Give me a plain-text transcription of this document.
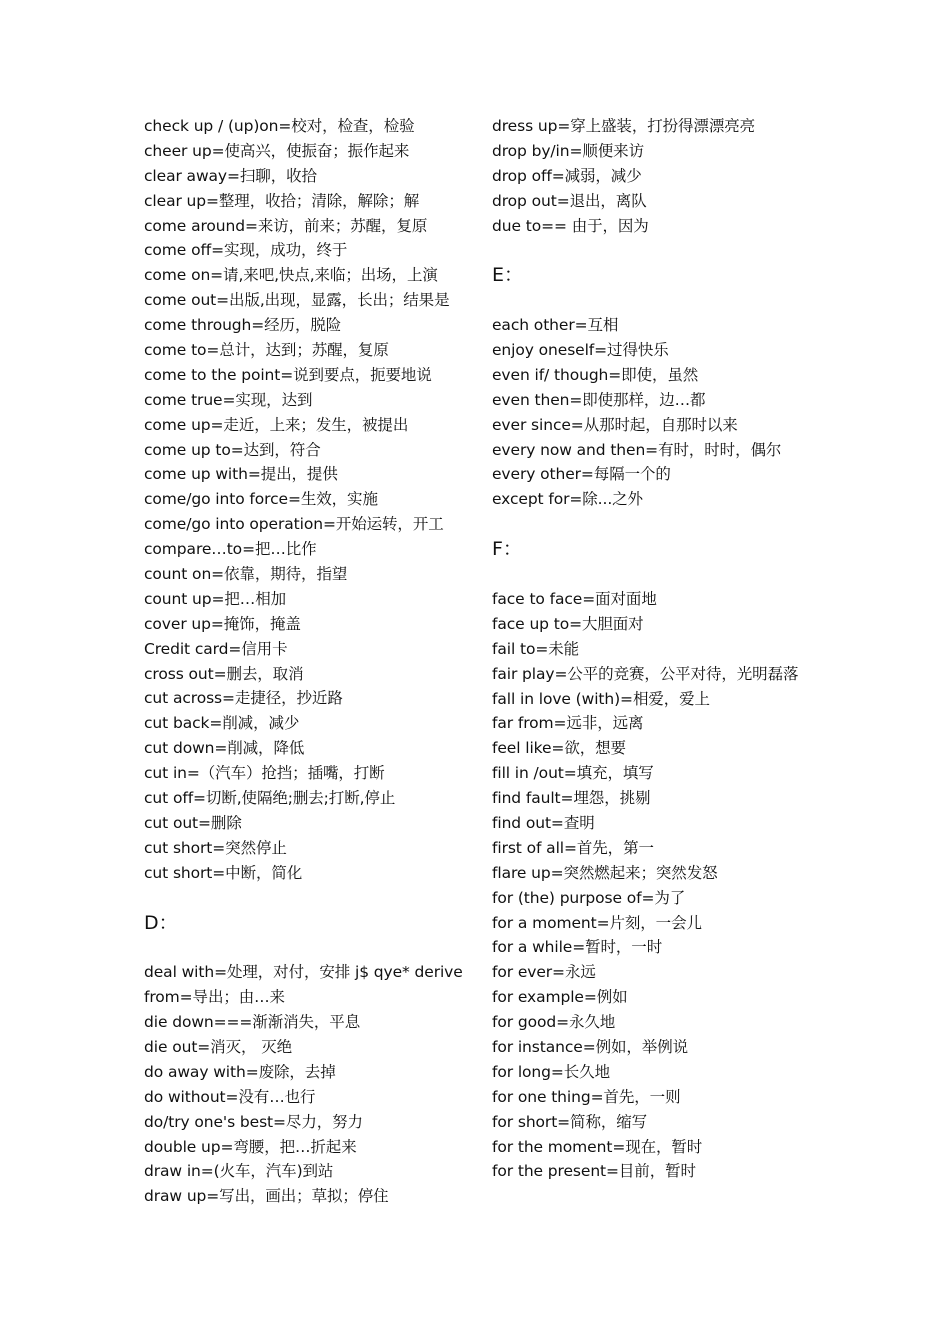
check up / (up)on=校对，检查，检验
cheer up=使高兴，使振奋；振作起来
clear away=扫聊，收拾
clear up=整理，收拾；清除，解除；解
come around=来访，前来；苏醒，复原
come off=实现，成功，终于
come on=请,来吧,快点,来临；出场，上演
come out=出版,出现，显露，长出；结果是
come through=经历，脱险
come to=总计，达到；苏醒，复原
come to the point=说到要点，扼要地说
come true=实现，达到
come up=走近，上来；发生，被提出
come up to=达到，符合
come up with=提出，提供
come/go into force=生效，实施
come/go into operation=开始运转，开工
compare…to=把…比作
count on=依靠，期待，指望
count up=把…相加
cover up=掩饰，掩盖
Credit card=信用卡
cross out=删去，取消
cut across=走捷径，抄近路
cut back=削减，减少
cut down=削减，降低
cut in=（汽车）抢挡；插嘴，打断
cut off=切断,使隔绝;删去;打断,停止
cut out=删除
cut short=突然停止
cut short=中断，简化
D：
deal with=处理，对付，安排 j$ qye* derive
from=导出；由…来
die down===渐渐消失，平息
die out=消灭， 灭绝
do away with=废除，去掉
do without=没有…也行
do/try one's best=尽力，努力
double up=弯腰，把…折起来
draw in=(火车，汽车)到站
draw up=写出，画出；草拟；停住
dress up=穿上盛装，打扮得漂漂亮亮
drop by/in=顺便来访
drop off=减弱，减少
drop out=退出，离队
due to== 由于，因为
E：
each other=互相
enjoy oneself=过得快乐
even if/ though=即使，虽然
even then=即使那样，边…都
ever since=从那时起，自那时以来
every now and then=有时，时时，偶尔
every other=每隔一个的
except for=除...之外
F：
face to face=面对面地
face up to=大胆面对
fail to=未能
fair play=公平的竞赛，公平对待，光明磊落
fall in love (with)=相爱，爱上
far from=远非，远离
feel like=欲，想要
fill in /out=填充，填写
find fault=埋怨，挑剔
find out=查明
first of all=首先，第一
flare up=突然燃起来；突然发怒
for (the) purpose of=为了
for a moment=片刻，一会儿
for a while=暂时，一时
for ever=永远
for example=例如
for good=永久地
for instance=例如，举例说
for long=长久地
for one thing=首先，一则
for short=简称，缩写
for the moment=现在，暂时
for the present=目前，暂时
